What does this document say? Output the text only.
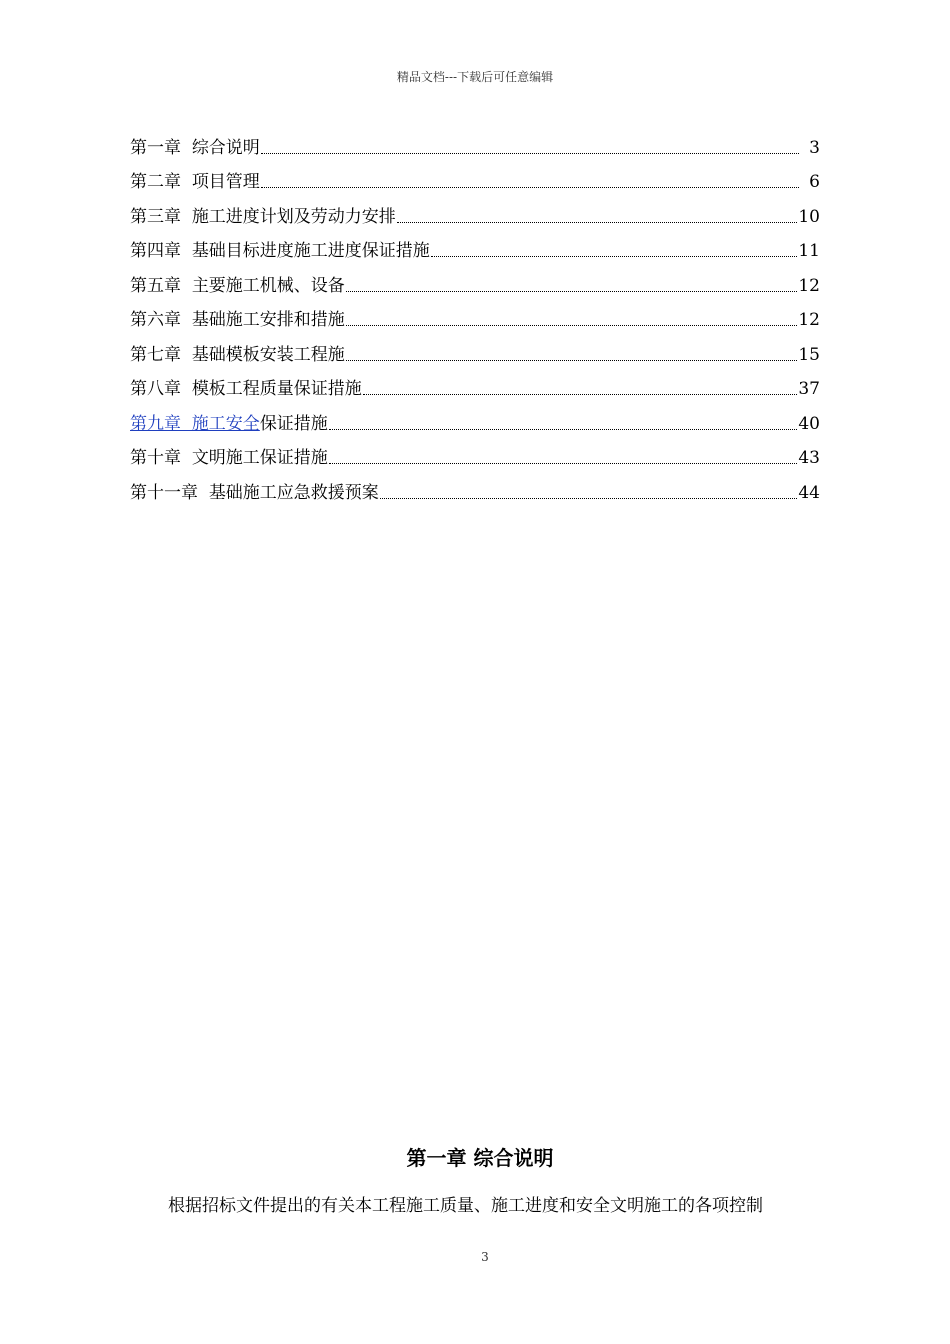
精品文档---下载后可任意编辑
第一章 综合说明	3
第二章 项目管理	6
第三章 施工进度计划及劳动力安排	10
第四章 基础目标进度施工进度保证措施	11
第五章 主要施工机械、设备	12
第六章 基础施工安排和措施	12
第七章 基础模板安装工程施	15
第八章 模板工程质量保证措施	37
第九章  施工安全 保证措施	40
第十章 文明施工保证措施	43
第十一章 基础施工应急救援预案	44
第一章 综合说明
根据招标文件提出的有关本工程施工质量、施工进度和安全文明施工的各项控制
3
